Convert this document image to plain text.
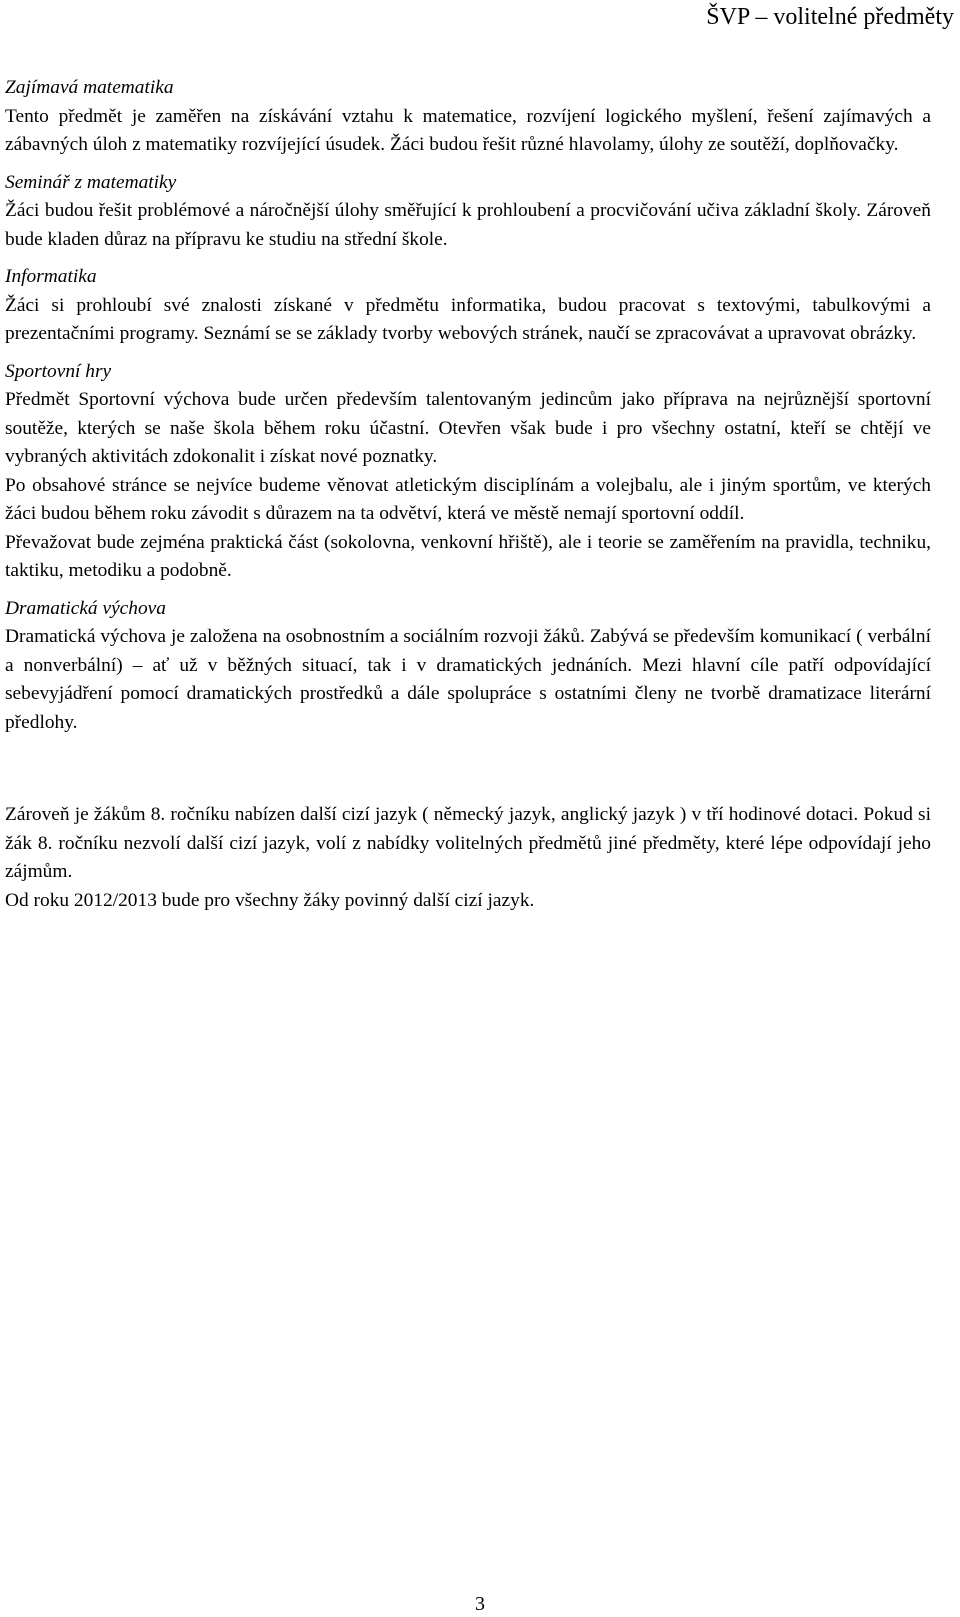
ŠVP – volitelné předměty
Zajímavá matematika

Tento předmět je zaměřen na získávání vztahu k matematice, rozvíjení logického myšlení, řešení zajímavých a zábavných úloh z matematiky rozvíjející úsudek. Žáci budou řešit různé hlavolamy, úlohy ze soutěží, doplňovačky.

Seminář z matematiky

Žáci budou řešit problémové a náročnější úlohy směřující k prohloubení a procvičování učiva základní školy. Zároveň bude kladen důraz na přípravu ke studiu na střední škole.

Informatika

Žáci si prohloubí své znalosti získané v předmětu informatika, budou pracovat s textovými, tabulkovými a prezentačními programy. Seznámí se se základy tvorby webových stránek, naučí se zpracovávat a upravovat obrázky.

Sportovní hry

Předmět Sportovní výchova bude určen především talentovaným jedincům jako příprava na nejrůznější sportovní soutěže, kterých se naše škola během roku účastní. Otevřen však bude i pro všechny ostatní, kteří se chtějí ve vybraných aktivitách zdokonalit i získat nové poznatky.

Po obsahové stránce se nejvíce budeme věnovat atletickým disciplínám a volejbalu, ale i jiným sportům, ve kterých žáci budou během roku závodit s důrazem na ta odvětví, která ve městě nemají sportovní oddíl.

Převažovat bude zejména praktická část (sokolovna, venkovní hřiště), ale i teorie se zaměřením na pravidla, techniku, taktiku, metodiku a podobně.

Dramatická výchova

Dramatická výchova je založena na osobnostním a sociálním rozvoji žáků. Zabývá se především komunikací ( verbální a nonverbální) – ať už v běžných situací, tak i v dramatických jednáních. Mezi hlavní cíle patří odpovídající sebevyjádření pomocí dramatických prostředků a dále spolupráce s ostatními členy ne tvorbě dramatizace literární předlohy.

Zároveň je žákům 8. ročníku nabízen další cizí jazyk ( německý jazyk, anglický jazyk ) v tří hodinové dotaci. Pokud si žák 8. ročníku nezvolí další cizí jazyk, volí z nabídky volitelných předmětů jiné předměty, které lépe odpovídají jeho zájmům.

Od roku 2012/2013 bude pro všechny žáky povinný další cizí jazyk.

3
